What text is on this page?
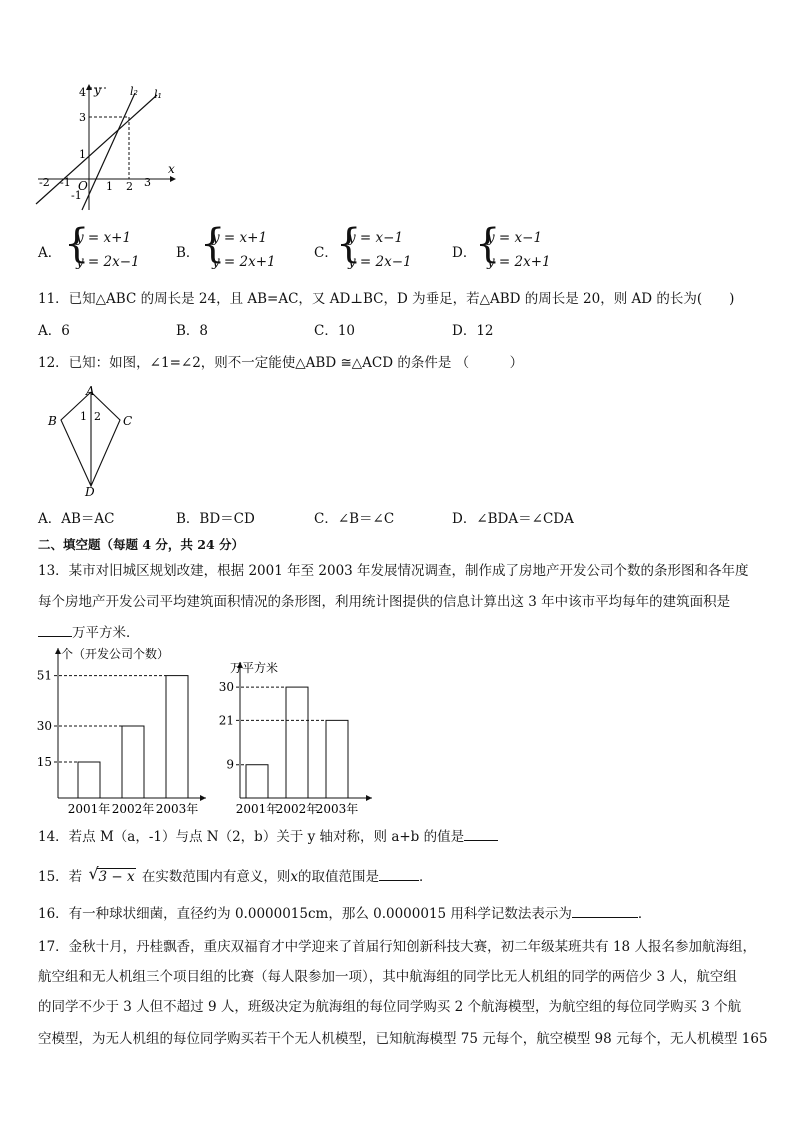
y
x
O
l₁
l₂
4
3
1
-1
-2 -1	1 2 3
A． {
y = x+1
y = 2x−1
B． {
y = x+1
y = 2x+1
C．
{
y = x−1
y = 2x−1
D．
{
y = x−1
y = 2x+1
11．已知△ABC 的周长是 24，且 AB=AC，又 AD⊥BC，D 为垂足，若△ABD 的周长是 20，则 AD 的长为(　　)
A．6	B．8	C．10	D．12
12．已知：如图，∠1=∠2，则不一定能使△ABD ≅△ACD 的条件是 （　　　）
A
B	C
D
1 2
A．AB＝AC	B．BD＝CD	C．∠B＝∠C	D．∠BDA＝∠CDA
二、填空题（每题 4 分，共 24 分）
13．某市对旧城区规划改建，根据 2001 年至 2003 年发展情况调查，制作成了房地产开发公司个数的条形图和各年度
每个房地产开发公司平均建筑面积情况的条形图，利用统计图提供的信息计算出这 3 年中该市平均每年的建筑面积是
万平方米．
个（开发公司个数）
15
30
51
2001年 2002年 2003年
万平方米
9
21
30
2001年
2002年
2003年
14．若点 M（a，-1）与点 N（2，b）关于 y 轴对称，则 a+b 的值是
15．若 √ 3 − x 在实数范围内有意义，则x的取值范围是	．
16．有一种球状细菌，直径约为 0.0000015cm，那么 0.0000015 用科学记数法表示为	．
17．金秋十月，丹桂飘香，重庆双福育才中学迎来了首届行知创新科技大赛，初二年级某班共有 18 人报名参加航海组，
航空组和无人机组三个项目组的比赛（每人限参加一项），其中航海组的同学比无人机组的同学的两倍少 3 人，航空组
的同学不少于 3 人但不超过 9 人，班级决定为航海组的每位同学购买 2 个航海模型，为航空组的每位同学购买 3 个航
空模型，为无人机组的每位同学购买若干个无人机模型，已知航海模型 75 元每个，航空模型 98 元每个，无人机模型 165
